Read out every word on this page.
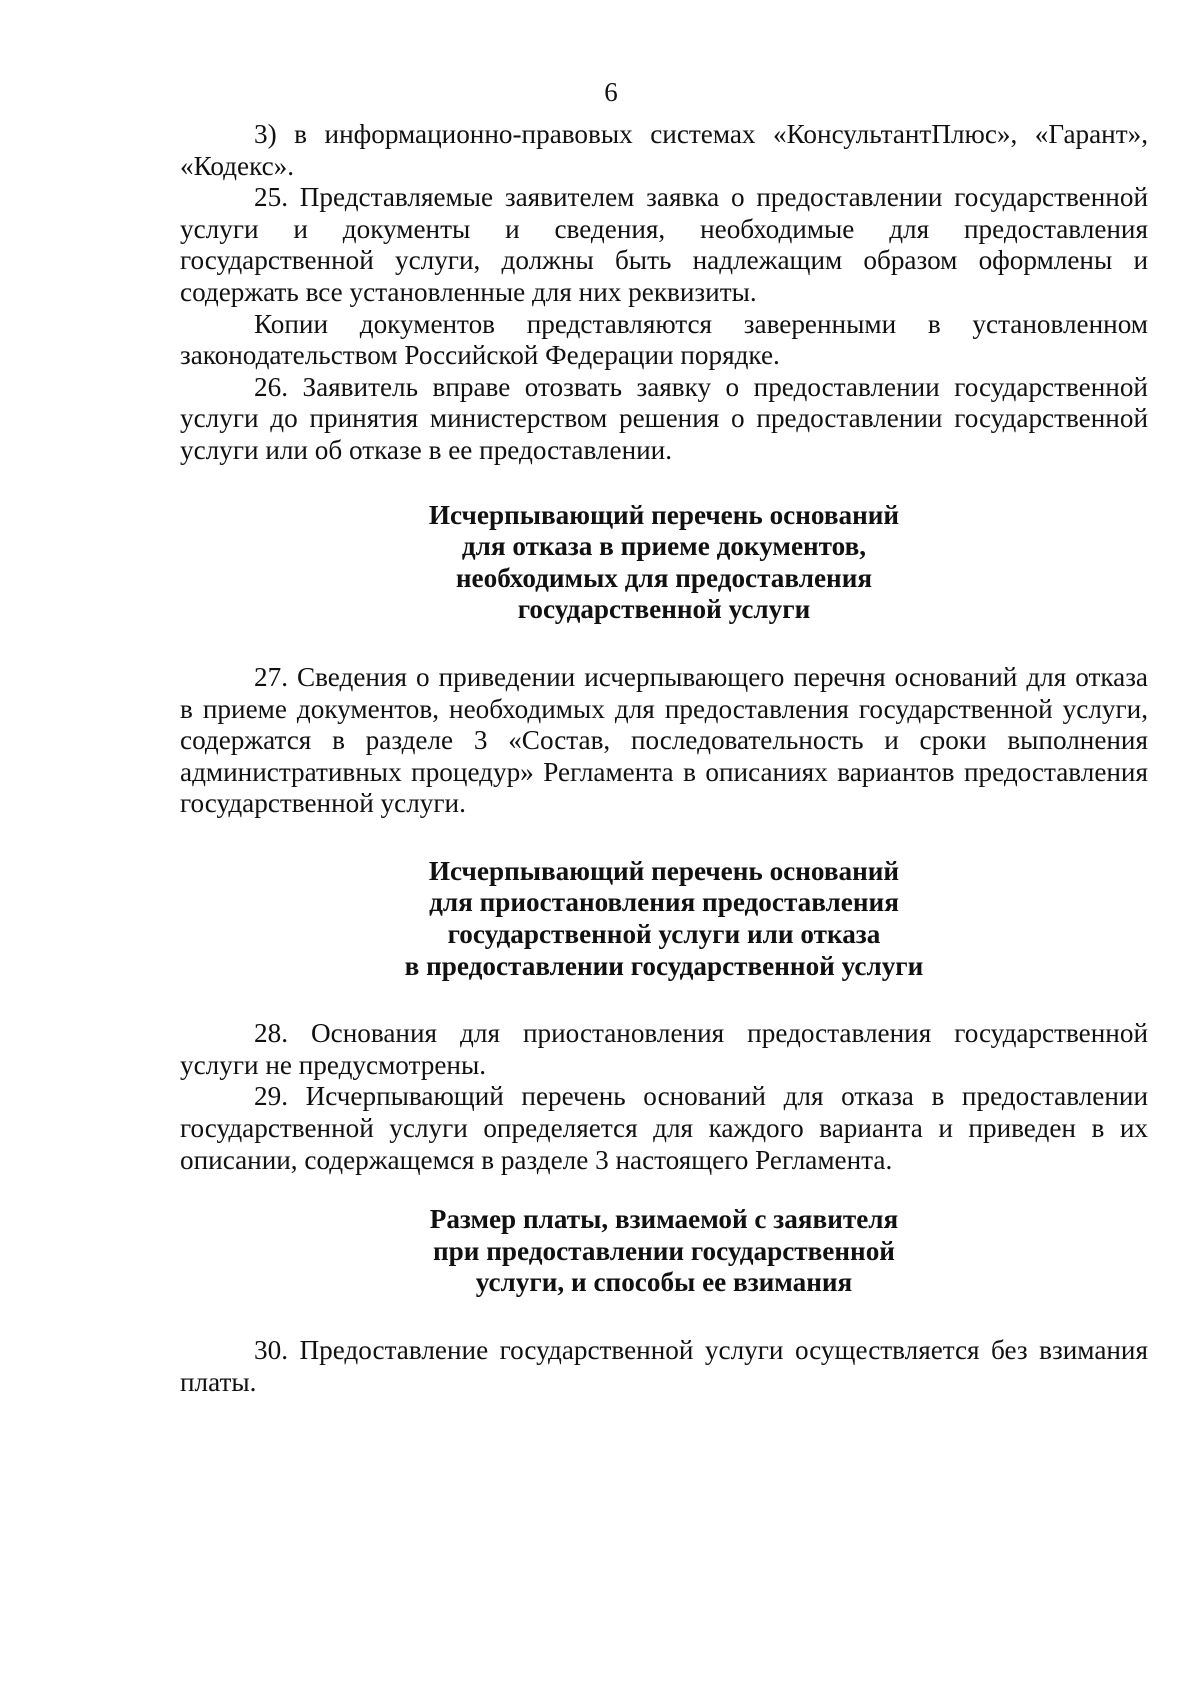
6

3) в информационно-правовых системах «КонсультантПлюс», «Гарант», «Кодекс».

25. Представляемые заявителем заявка о предоставлении государственной услуги и документы и сведения, необходимые для предоставления государственной услуги, должны быть надлежащим образом оформлены и содержать все установленные для них реквизиты.

Копии документов представляются заверенными в установленном законодательством Российской Федерации порядке.

26. Заявитель вправе отозвать заявку о предоставлении государственной услуги до принятия министерством решения о предоставлении государственной услуги или об отказе в ее предоставлении.

Исчерпывающий перечень оснований
для отказа в приеме документов,
необходимых для предоставления
государственной услуги

27. Сведения о приведении исчерпывающего перечня оснований для отказа в приеме документов, необходимых для предоставления государственной услуги, содержатся в разделе 3 «Состав, последовательность и сроки выполнения административных процедур» Регламента в описаниях вариантов предоставления государственной услуги.

Исчерпывающий перечень оснований
для приостановления предоставления
государственной услуги или отказа
в предоставлении государственной услуги

28. Основания для приостановления предоставления государственной услуги не предусмотрены.

29. Исчерпывающий перечень оснований для отказа в предоставлении государственной услуги определяется для каждого варианта и приведен в их описании, содержащемся в разделе 3 настоящего Регламента.

Размер платы, взимаемой с заявителя
при предоставлении государственной
услуги, и способы ее взимания

30. Предоставление государственной услуги осуществляется без взимания платы.
